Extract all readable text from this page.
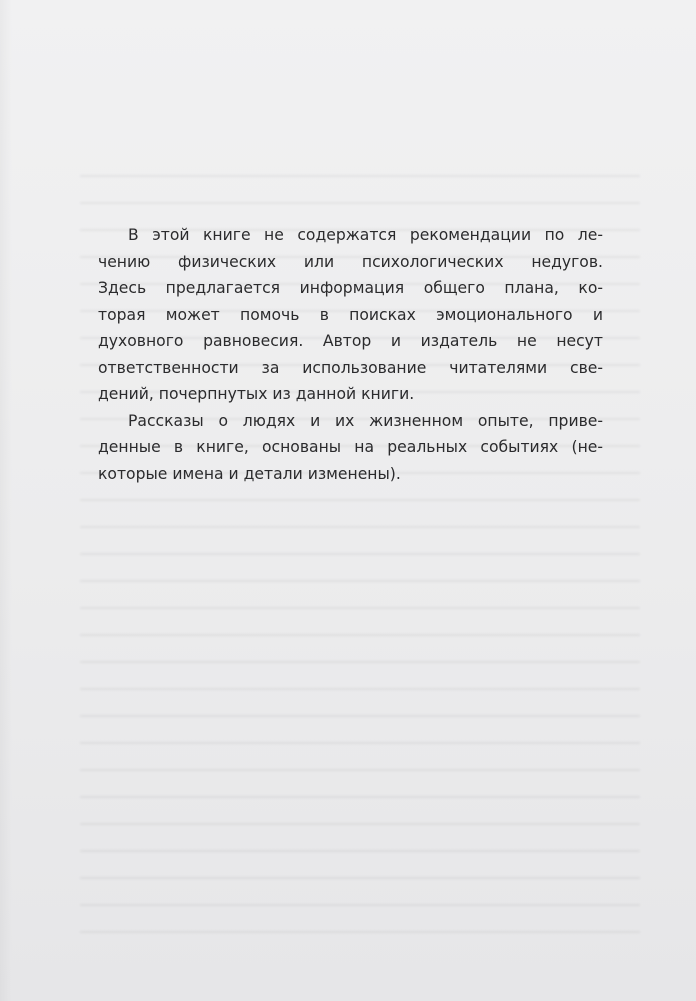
В этой книге не содержатся рекомендации по ле-
чению физических или психологических недугов.
Здесь предлагается информация общего плана, ко-
торая может помочь в поисках эмоционального и
духовного равновесия. Автор и издатель не несут
ответственности за использование читателями све-
дений, почерпнутых из данной книги.

Рассказы о людях и их жизненном опыте, приве-
денные в книге, основаны на реальных событиях (не-
которые имена и детали изменены).
